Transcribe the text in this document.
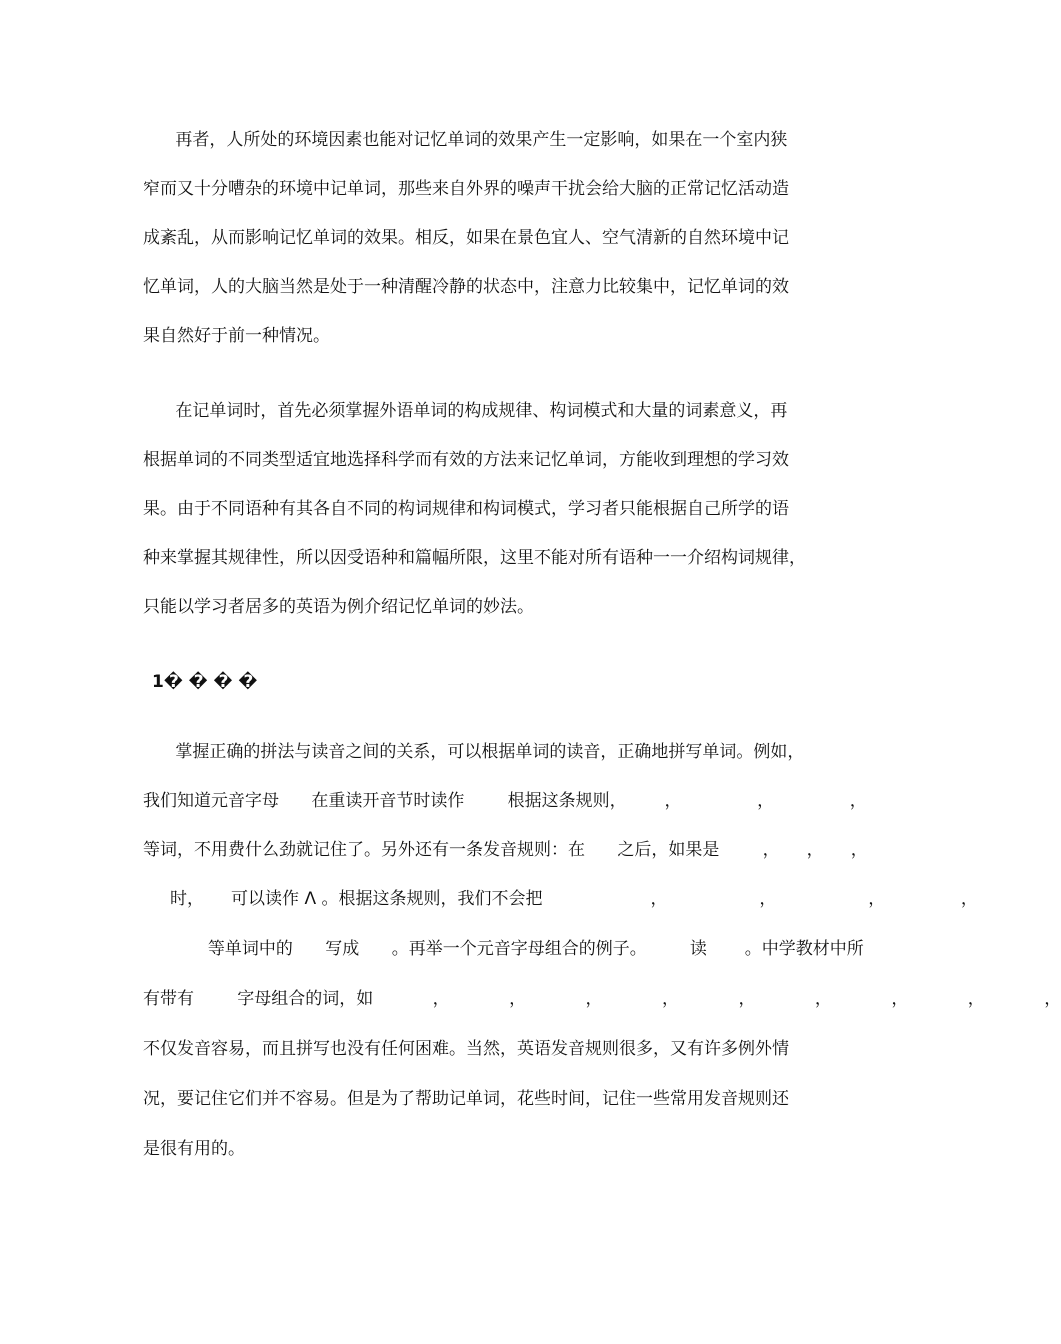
再者，人所处的环境因素也能对记忆单词的效果产生一定影响，如果在一个室内狭

窄而又十分嘈杂的环境中记单词，那些来自外界的噪声干扰会给大脑的正常记忆活动造

成紊乱，从而影响记忆单词的效果。相反，如果在景色宜人、空气清新的自然环境中记

忆单词，人的大脑当然是处于一种清醒冷静的状态中，注意力比较集中，记忆单词的效

果自然好于前一种情况。

在记单词时，首先必须掌握外语单词的构成规律、构词模式和大量的词素意义，再

根据单词的不同类型适宜地选择科学而有效的方法来记忆单词，方能收到理想的学习效

果。由于不同语种有其各自不同的构词规律和构词模式，学习者只能根据自己所学的语

种来掌握其规律性，所以因受语种和篇幅所限，这里不能对所有语种一一介绍构词规律，

只能以学习者居多的英语为例介绍记忆单词的妙法。

1� � � �

掌握正确的拼法与读音之间的关系，可以根据单词的读音，正确地拼写单词。例如，

我们知道元音字母      在重读开音节时读作        根据这条规则，       ，              ，              ，

等词，不用费什么劲就记住了。另外还有一条发音规则：在      之后，如果是        ，     ，     ，

时，     可以读作 Λ 。根据这条规则，我们不会把                    ，                 ，                 ，              ，

等单词中的      写成      。再举一个元音字母组合的例子。        读       。中学教材中所

有带有        字母组合的词，如           ，           ，           ，           ，           ，           ，           ，           ，           ，

不仅发音容易，而且拼写也没有任何困难。当然，英语发音规则很多，又有许多例外情

况，要记住它们并不容易。但是为了帮助记单词，花些时间，记住一些常用发音规则还

是很有用的。
